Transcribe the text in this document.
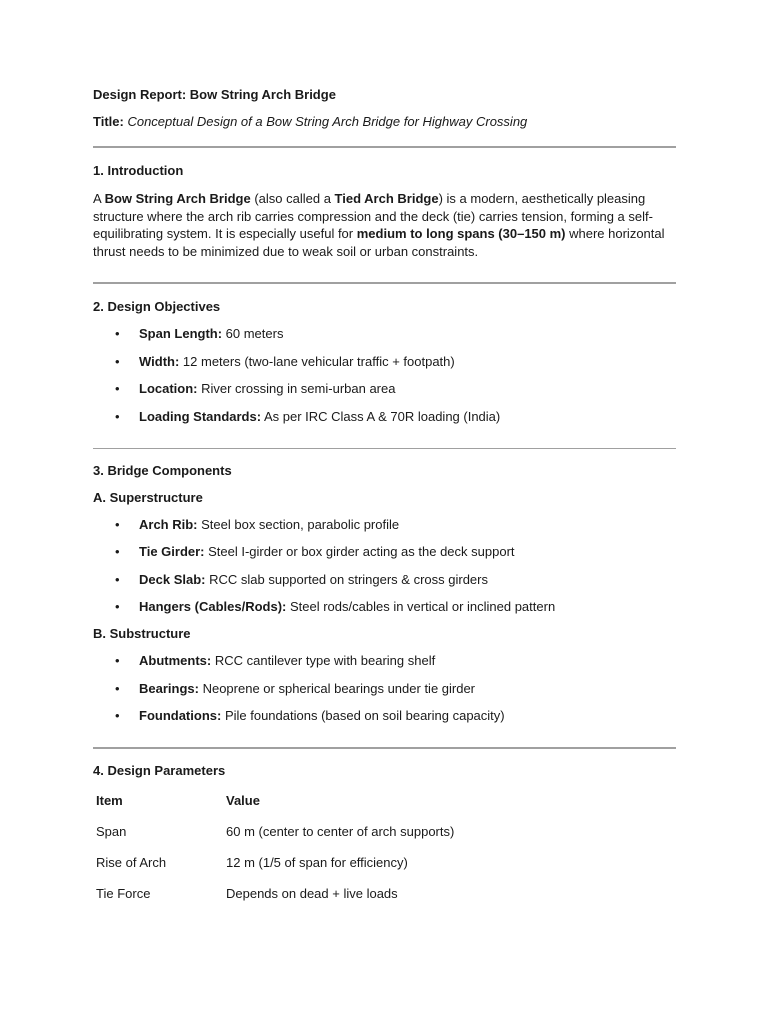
Design Report: Bow String Arch Bridge
Title: Conceptual Design of a Bow String Arch Bridge for Highway Crossing
1. Introduction

A Bow String Arch Bridge (also called a Tied Arch Bridge) is a modern, aesthetically pleasing structure where the arch rib carries compression and the deck (tie) carries tension, forming a self-equilibrating system. It is especially useful for medium to long spans (30–150 m) where horizontal thrust needs to be minimized due to weak soil or urban constraints.

2. Design Objectives
• Span Length: 60 meters
• Width: 12 meters (two-lane vehicular traffic + footpath)
• Location: River crossing in semi-urban area
• Loading Standards: As per IRC Class A & 70R loading (India)
3. Bridge Components
A. Superstructure
• Arch Rib: Steel box section, parabolic profile
• Tie Girder: Steel I-girder or box girder acting as the deck support
• Deck Slab: RCC slab supported on stringers & cross girders
• Hangers (Cables/Rods): Steel rods/cables in vertical or inclined pattern
B. Substructure
• Abutments: RCC cantilever type with bearing shelf
• Bearings: Neoprene or spherical bearings under tie girder
• Foundations: Pile foundations (based on soil bearing capacity)
4. Design Parameters
Item	Value
Span	60 m (center to center of arch supports)
Rise of Arch	12 m (1/5 of span for efficiency)
Tie Force	Depends on dead + live loads
